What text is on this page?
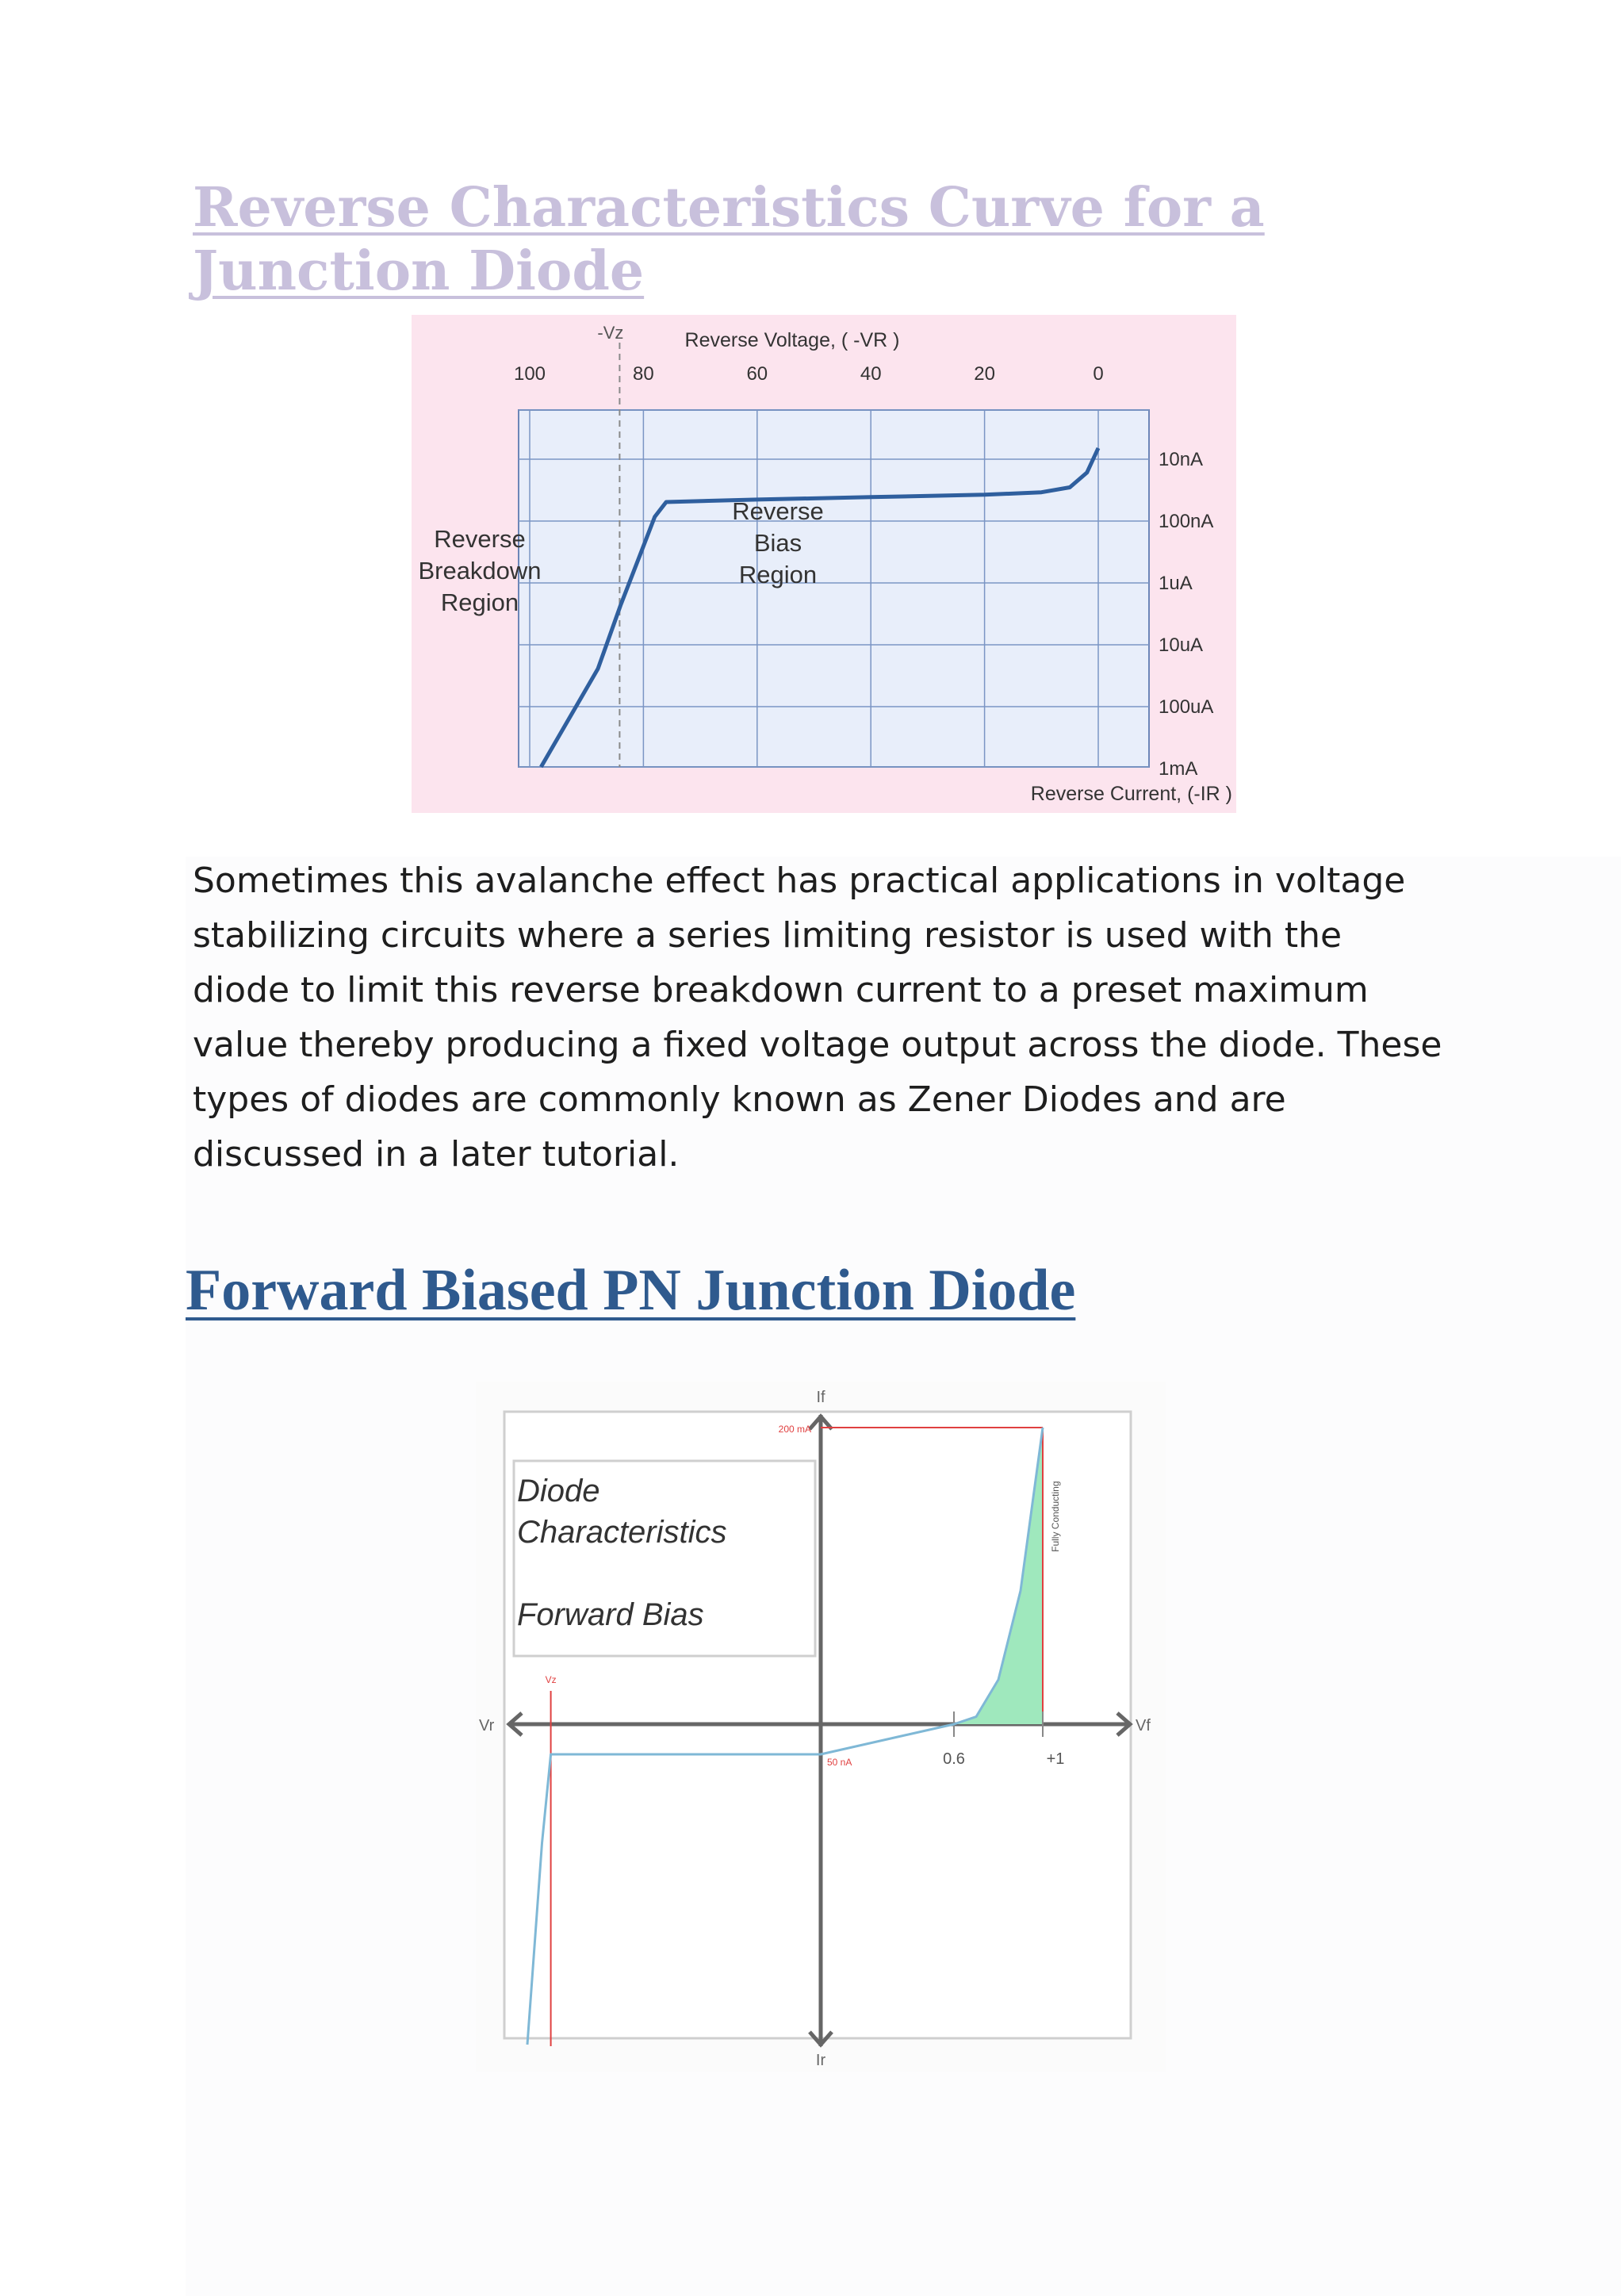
Reverse Characteristics Curve for a Junction Diode
100	80	60	40	20	0
10nA
100nA
1uA
10uA
100uA
1mA
Reverse Voltage, ( -VR )
Reverse Current, (-IR )
-Vz
Reverse
Breakdown
Region
Reverse
Bias
Region

Sometimes this avalanche effect has practical applications in voltage stabilizing circuits where a series limiting resistor is used with the diode to limit this reverse breakdown current to a preset maximum value thereby producing a fixed voltage output across the diode. These types of diodes are commonly known as Zener Diodes and are discussed in a later tutorial.

Forward Biased PN Junction Diode
If
Ir
Vr	Vf
200 mA
50 nA	0.6	+1
Fully Conducting
Vz
Diode
Characteristics
Forward Bias
